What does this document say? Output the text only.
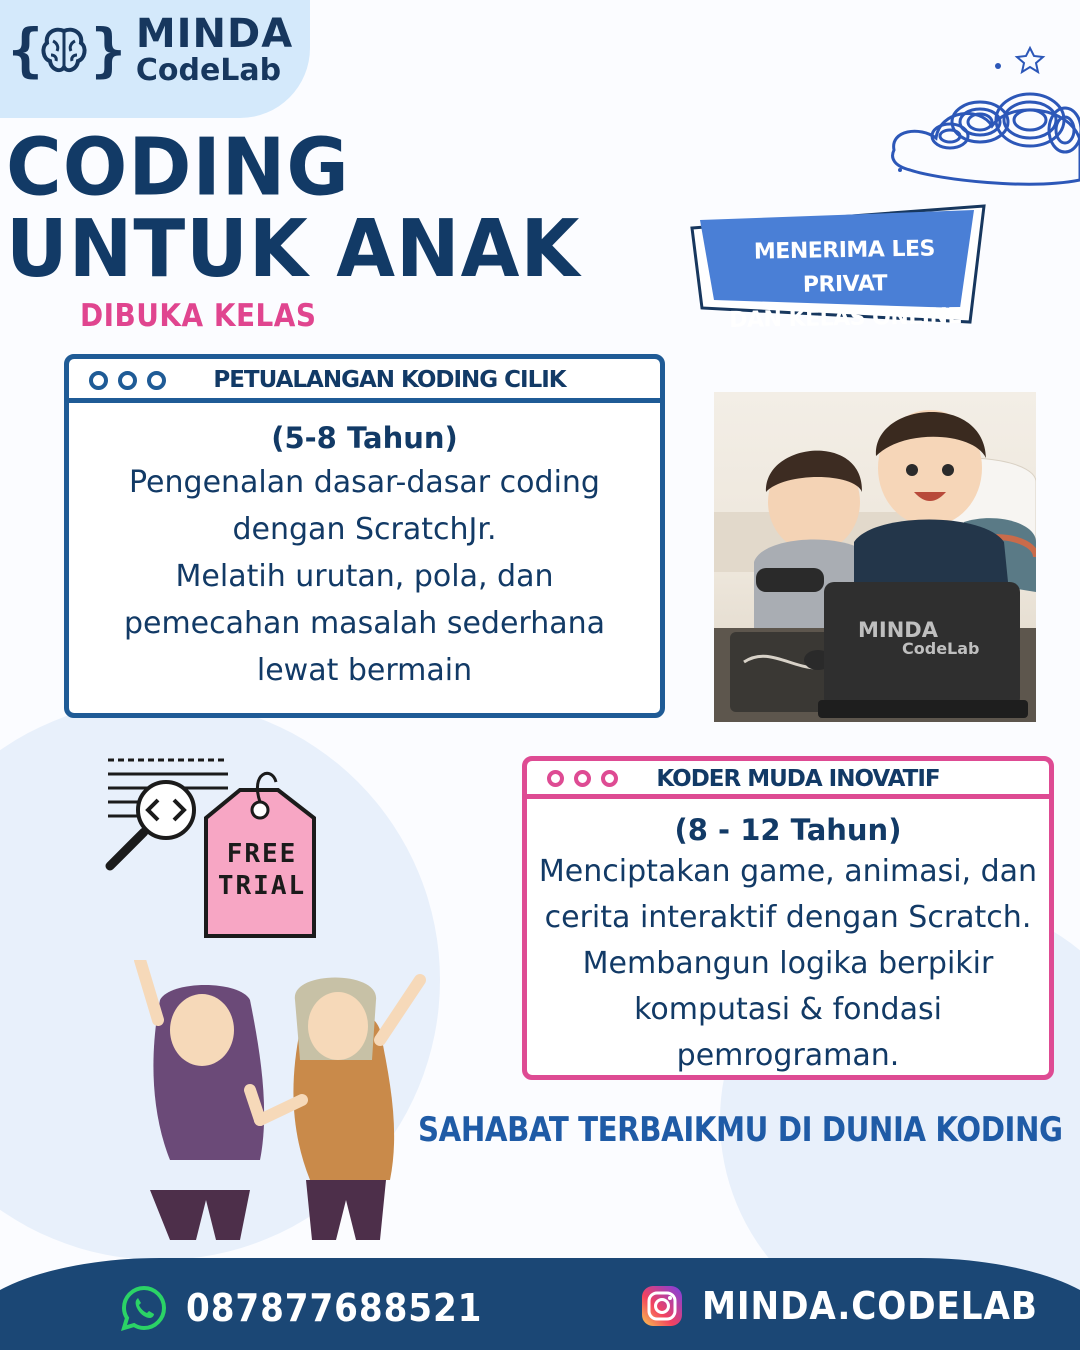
{ } MINDA
CodeLab
CODING
UNTUK ANAK
DIBUKA KELAS
MENERIMA LES PRIVAT
DAN KELAS ONLINE
PETUALANGAN KODING CILIK
(5-8 Tahun)
Pengenalan dasar-dasar coding
dengan ScratchJr.
Melatih urutan, pola, dan
pemecahan masalah sederhana
lewat bermain
MINDA
CodeLab
FREE
TRIAL
KODER MUDA INOVATIF
(8 - 12 Tahun)
Menciptakan game, animasi, dan
cerita interaktif dengan Scratch.
Membangun logika berpikir
komputasi & fondasi pemrograman.
SAHABAT TERBAIKMU DI DUNIA KODING
087877688521	MINDA.CODELAB
